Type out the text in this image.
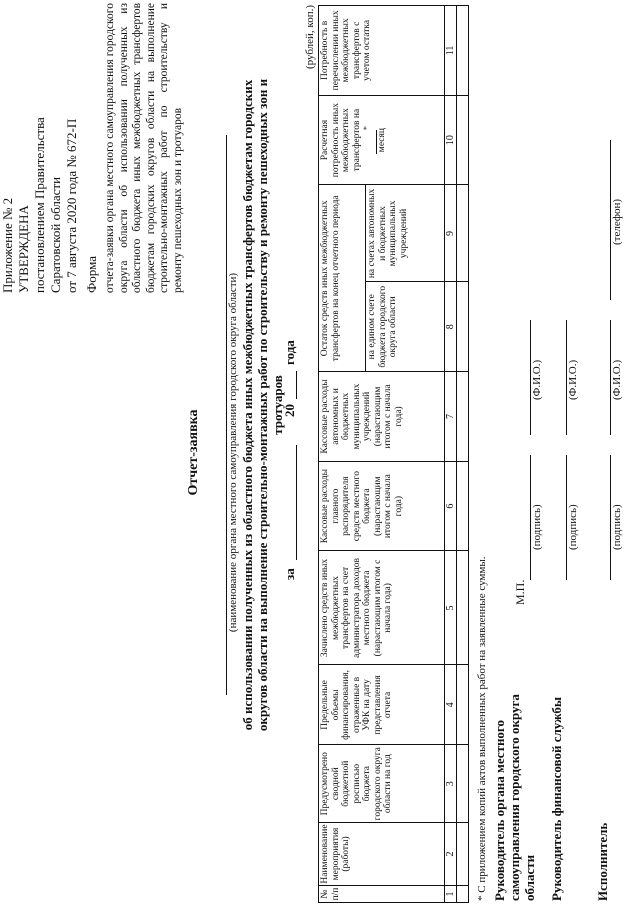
Приложение № 2 УТВЕРЖДЕНА постановлением Правительства Саратовской области от 7 августа 2020 года № 672-П Форма отчета-заявки органа местного самоуправления городского округа области об использовании полученных из областного бюджета иных межбюджетных трансфертов бюджетам городских округов области на выполнение строительно-монтажных работ по строительству и ремонту пешеходных зон и тротуаров
Отчет-заявка (наименование органа местного самоуправления городского округа области) об использовании полученных из областного бюджета иных межбюджетных трансфертов бюджетам городских округов области на выполнение строительно-монтажных работ по строительству и ремонту пешеходных зон и тротуаров
за
20
года
(рублей, коп.)
№ п/п	Наименование мероприятия (работы)	Предусмотрено сводной бюджетной росписью бюджета городского округа области на год	Предельные объемы финансирования, отраженные в УФК на дату представления отчета	Зачислено средств иных межбюджетных трансфертов на счет администратора доходов местного бюджета (нарастающим итогом с начала года)	Кассовые расходы главного распорядителя средств местного бюджета (нарастающим итогом с начала года)	Кассовые расходы автономных и бюджетных муниципальных учреждений (нарастающим итогом с начала года)	Остаток средств иных межбюджетных трансфертов на конец отчетного периода		Расчетная потребность иных межбюджетных трансфертов на * месяц	Потребность в перечислении иных межбюджетных трансфертов с учетом остатка
							на едином счете бюджета городского округа области	на счетах автономных и бюджетных муниципальных учреждений		
1	2	3	4	5	6	7	8	9	10	11

* С приложением копий актов выполненных работ на заявленные суммы. Руководитель органа местного самоуправления городского округа области
М.П.
(подпись)
(Ф.И.О.)
Руководитель финансовой службы
(подпись)
(Ф.И.О.)
Исполнитель
(подпись)
(Ф.И.О.)
(телефон)
